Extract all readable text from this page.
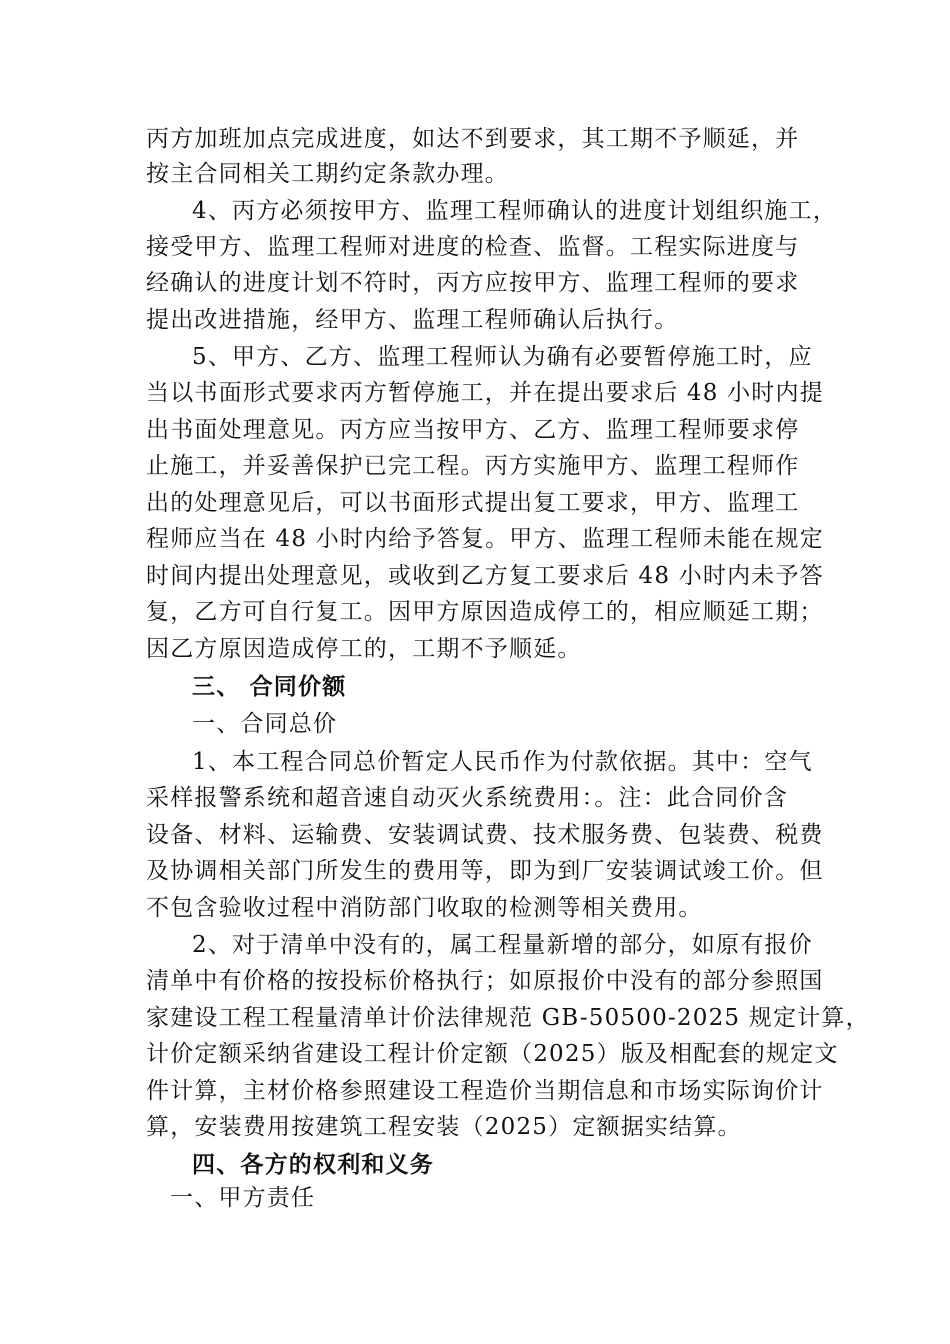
丙方加班加点完成进度，如达不到要求，其工期不予顺延，并
按主合同相关工期约定条款办理。
4、丙方必须按甲方、监理工程师确认的进度计划组织施工，
接受甲方、监理工程师对进度的检查、监督。工程实际进度与
经确认的进度计划不符时，丙方应按甲方、监理工程师的要求
提出改进措施，经甲方、监理工程师确认后执行。
5、甲方、乙方、监理工程师认为确有必要暂停施工时，应
当以书面形式要求丙方暂停施工，并在提出要求后 48 小时内提
出书面处理意见。丙方应当按甲方、乙方、监理工程师要求停
止施工，并妥善保护已完工程。丙方实施甲方、监理工程师作
出的处理意见后，可以书面形式提出复工要求，甲方、监理工
程师应当在 48 小时内给予答复。甲方、监理工程师未能在规定
时间内提出处理意见，或收到乙方复工要求后 48 小时内未予答
复，乙方可自行复工。因甲方原因造成停工的，相应顺延工期；
因乙方原因造成停工的，工期不予顺延。
三、 合同价额
一、合同总价
1、本工程合同总价暂定人民币作为付款依据。其中：空气
采样报警系统和超音速自动灭火系统费用：。注：此合同价含
设备、材料、运输费、安装调试费、技术服务费、包装费、税费
及协调相关部门所发生的费用等，即为到厂安装调试竣工价。但
不包含验收过程中消防部门收取的检测等相关费用。
2、对于清单中没有的，属工程量新增的部分，如原有报价
清单中有价格的按投标价格执行；如原报价中没有的部分参照国
家建设工程工程量清单计价法律规范 GB-50500-2025 规定计算，
计价定额采纳省建设工程计价定额（2025）版及相配套的规定文
件计算，主材价格参照建设工程造价当期信息和市场实际询价计
算，安装费用按建筑工程安装（2025）定额据实结算。
四、各方的权利和义务
一、甲方责任
